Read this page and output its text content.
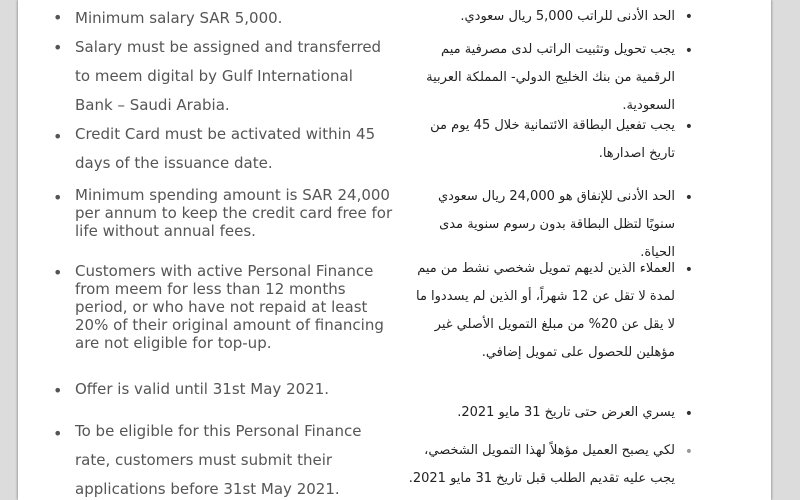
• Minimum salary SAR 5,000.
• Salary must be assigned and transferred to meem digital by Gulf International Bank – Saudi Arabia.
• Credit Card must be activated within 45 days of the issuance date.
• Minimum spending amount is SAR 24,000 per annum to keep the credit card free for life without annual fees.
• Customers with active Personal Finance from meem for less than 12 months period, or who have not repaid at least 20% of their original amount of financing are not eligible for top-up.
• Offer is valid until 31st May 2021.
• To be eligible for this Personal Finance rate, customers must submit their applications before 31st May 2021.
•
الحد الأدنى للراتب 5,000 ريال سعودي.
•
يجب تحويل وتثبيت الراتب لدى مصرفية ميم الرقمية من بنك الخليج الدولي- المملكة العربية السعودية.
•
يجب تفعيل البطاقة الائتمانية خلال 45 يوم من تاريخ اصدارها.
•
الحد الأدنى للإنفاق هو 24,000 ريال سعودي سنويًا لتظل البطاقة بدون رسوم سنوية مدى الحياة.
•
العملاء الذين لديهم تمويل شخصي نشط من ميم لمدة لا تقل عن 12 شهراً، أو الذين لم يسددوا ما لا يقل عن 20% من مبلغ التمويل الأصلي غير مؤهلين للحصول على تمويل إضافي.
•
يسري العرض حتى تاريخ 31 مايو 2021.
•
لكي يصبح العميل مؤهلاً لهذا التمويل الشخصي، يجب عليه تقديم الطلب قبل تاريخ 31 مايو 2021.
